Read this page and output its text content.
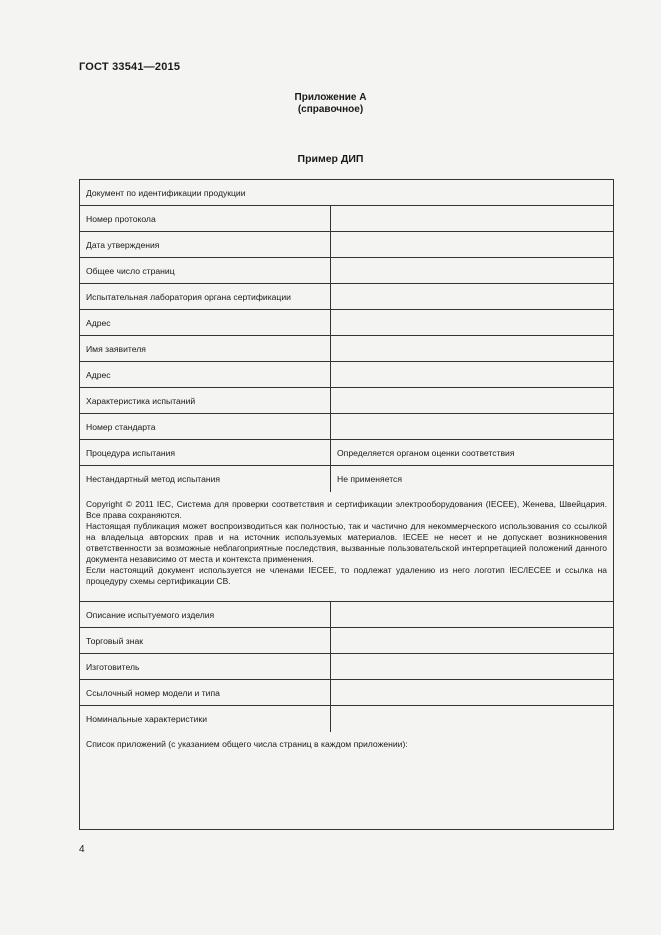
ГОСТ 33541—2015
Приложение А
(справочное)
Пример ДИП
Документ по идентификации продукции
Номер протокола
Дата утверждения
Общее число страниц
Испытательная лаборатория органа сертификации
Адрес
Имя заявителя
Адрес
Характеристика испытаний
Номер стандарта
Процедура испытания	Определяется органом оценки соответствия
Нестандартный метод испытания	Не применяется

Copyright © 2011 IEC, Система для проверки соответствия и сертификации электрооборудования (IECEE), Женева, Швейцария. Все права сохраняются.

Настоящая публикация может воспроизводиться как полностью, так и частично для некоммерческого использования со ссылкой на владельца авторских прав и на источник используемых материалов. IECEE не несет и не допускает возникновения ответственности за возможные неблагоприятные последствия, вызванные пользовательской интерпретацией положений данного документа независимо от места и контекста применения.

Если настоящий документ используется не членами IECEE, то подлежат удалению из него логотип IEC/IECEE и ссылка на процедуру схемы сертификации СВ.

Описание испытуемого изделия
Торговый знак
Изготовитель
Ссылочный номер модели и типа
Номинальные характеристики
Список приложений (с указанием общего числа страниц в каждом приложении):
4
